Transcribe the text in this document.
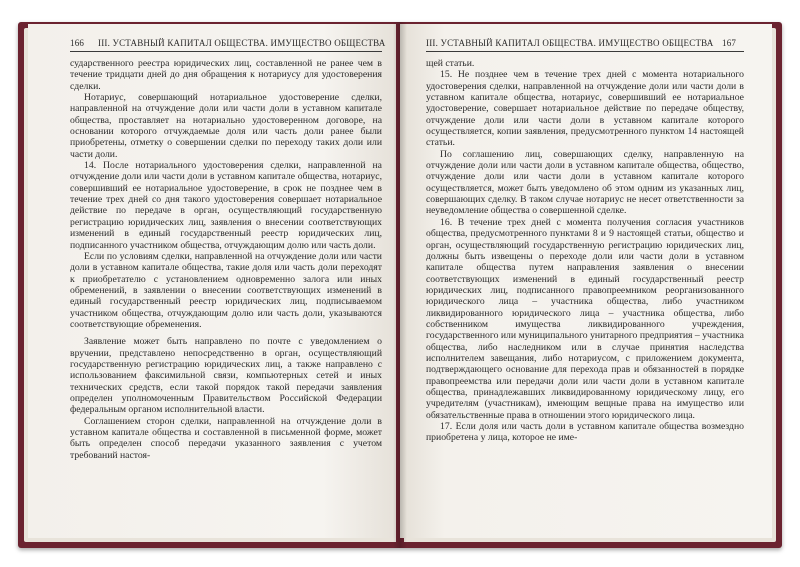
166 III. УСТАВНЫЙ КАПИТАЛ ОБЩЕСТВА. ИМУЩЕСТВО ОБЩЕСТВА

сударственного реестра юридических лиц, составленной не ранее чем в течение тридцати дней до дня обращения к нотариусу для удостоверения сделки.

Нотариус, совершающий нотариальное удостоверение сделки, направленной на отчуждение доли или части доли в уставном капитале общества, проставляет на нотариально удостоверенном договоре, на основании которого отчуждаемые доля или часть доли ранее были приобретены, отметку о совершении сделки по переходу таких доли или части доли.

14. После нотариального удостоверения сделки, направленной на отчуждение доли или части доли в уставном капитале общества, нотариус, совершивший ее нотариальное удостоверение, в срок не позднее чем в течение трех дней со дня такого удостоверения совершает нотариальное действие по передаче в орган, осуществляющий государственную регистрацию юридических лиц, заявления о внесении соответствующих изменений в единый государственный реестр юридических лиц, подписанного участником общества, отчуждающим долю или часть доли.

Если по условиям сделки, направленной на отчуждение доли или части доли в уставном капитале общества, такие доля или часть доли переходят к приобретателю с установлением одновременно залога или иных обременений, в заявлении о внесении соответствующих изменений в единый государственный реестр юридических лиц, подписываемом участником общества, отчуждающим долю или часть доли, указываются соответствующие обременения.

Заявление может быть направлено по почте с уведомлением о вручении, представлено непосредственно в орган, осуществляющий государственную регистрацию юридических лиц, а также направлено с использованием факсимильной связи, компьютерных сетей и иных технических средств, если такой порядок такой передачи заявления определен уполномоченным Правительством Российской Федерации федеральным органом исполнительной власти.

Соглашением сторон сделки, направленной на отчуждение доли в уставном капитале общества и составленной в письменной форме, может быть определен способ передачи указанного заявления с учетом требований настоя-

III. УСТАВНЫЙ КАПИТАЛ ОБЩЕСТВА. ИМУЩЕСТВО ОБЩЕСТВА 167

щей статьи.

15. Не позднее чем в течение трех дней с момента нотариального удостоверения сделки, направленной на отчуждение доли или части доли в уставном капитале общества, нотариус, совершивший ее нотариальное удостоверение, совершает нотариальное действие по передаче обществу, отчуждение доли или части доли в уставном капитале которого осуществляется, копии заявления, предусмотренного пунктом 14 настоящей статьи.

По соглашению лиц, совершающих сделку, направленную на отчуждение доли или части доли в уставном капитале общества, общество, отчуждение доли или части доли в уставном капитале которого осуществляется, может быть уведомлено об этом одним из указанных лиц, совершающих сделку. В таком случае нотариус не несет ответственности за неуведомление общества о совершенной сделке.

16. В течение трех дней с момента получения согласия участников общества, предусмотренного пунктами 8 и 9 настоящей статьи, общество и орган, осуществляющий государственную регистрацию юридических лиц, должны быть извещены о переходе доли или части доли в уставном капитале общества путем направления заявления о внесении соответствующих изменений в единый государственный реестр юридических лиц, подписанного правопреемником реорганизованного юридического лица – участника общества, либо участником ликвидированного юридического лица – участника общества, либо собственником имущества ликвидированного учреждения, государственного или муниципального унитарного предприятия – участника общества, либо наследником или в случае принятия наследства исполнителем завещания, либо нотариусом, с приложением документа, подтверждающего основание для перехода прав и обязанностей в порядке правопреемства или передачи доли или части доли в уставном капитале общества, принадлежавших ликвидированному юридическому лицу, его учредителям (участникам), имеющим вещные права на имущество или обязательственные права в отношении этого юридического лица.

17. Если доля или часть доли в уставном капитале общества возмездно приобретена у лица, которое не име-
